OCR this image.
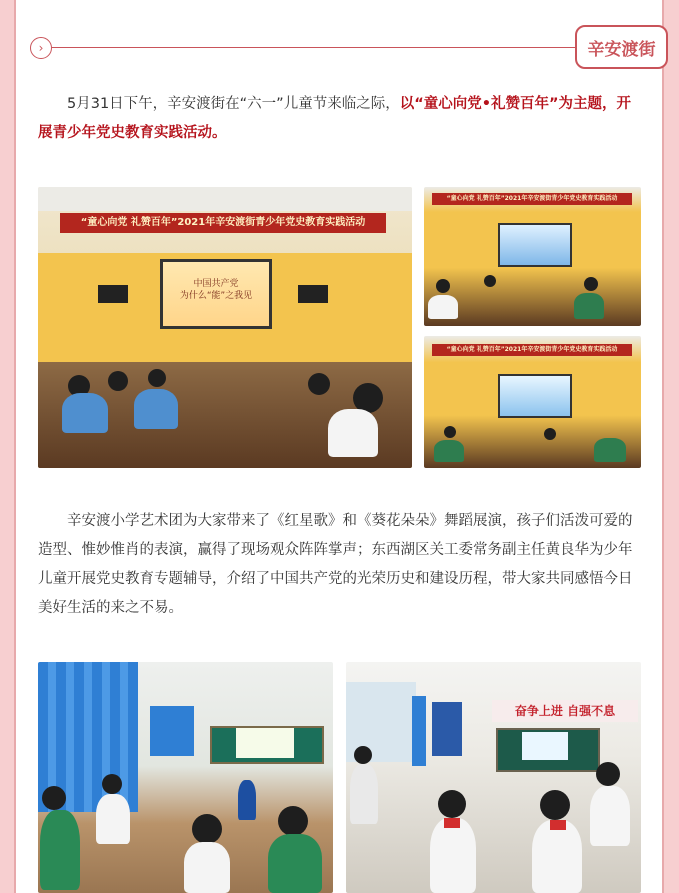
›	辛安渡街

5月31日下午，辛安渡街在“六一”儿童节来临之际，以“童心向党•礼赞百年”为主题，开展青少年党史教育实践活动。

“童心向党 礼赞百年”2021年辛安渡街青少年党史教育实践活动
中国共产党
为什么“能”之我见
“童心向党 礼赞百年”2021年辛安渡街青少年党史教育实践活动
“童心向党 礼赞百年”2021年辛安渡街青少年党史教育实践活动

辛安渡小学艺术团为大家带来了《红星歌》和《葵花朵朵》舞蹈展演，孩子们活泼可爱的造型、惟妙惟肖的表演，赢得了现场观众阵阵掌声；东西湖区关工委常务副主任黄良华为少年儿童开展党史教育专题辅导，介绍了中国共产党的光荣历史和建设历程，带大家共同感悟今日美好生活的来之不易。

奋争上进 自强不息
